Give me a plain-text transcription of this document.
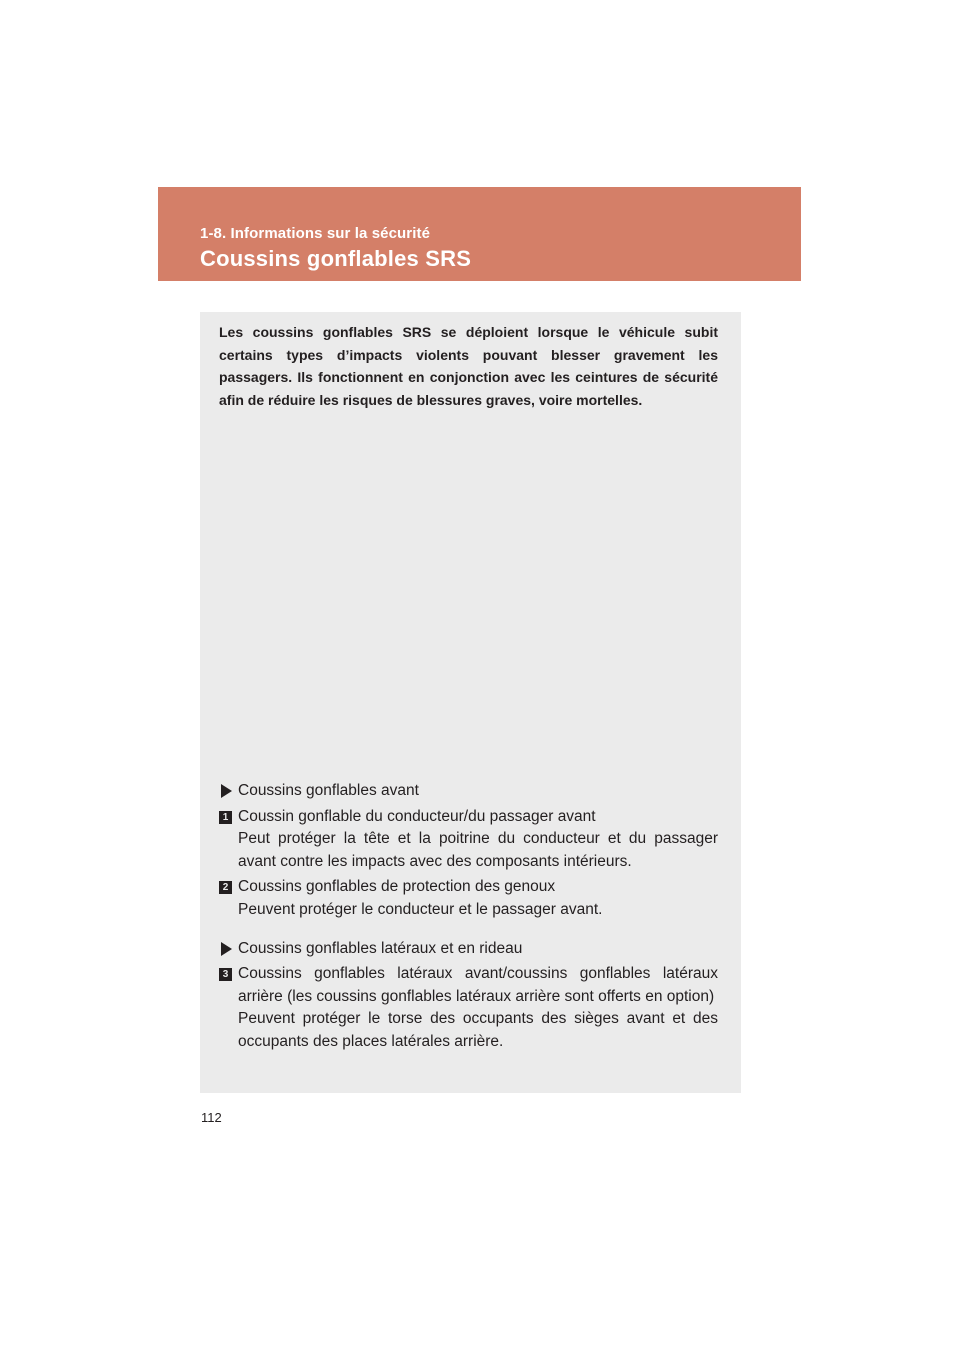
1-8. Informations sur la sécurité
Coussins gonflables SRS
Les coussins gonflables SRS se déploient lorsque le véhicule subit certains types d’impacts violents pouvant blesser gravement les passagers. Ils fonctionnent en conjonction avec les ceintures de sécurité afin de réduire les risques de blessures graves, voire mortelles.
Coussins gonflables avant
1 Coussin gonflable du conducteur/du passager avant
Peut protéger la tête et la poitrine du conducteur et du passager avant contre les impacts avec des composants intérieurs.
2 Coussins gonflables de protection des genoux
Peuvent protéger le conducteur et le passager avant.
Coussins gonflables latéraux et en rideau
3 Coussins gonflables latéraux avant/coussins gonflables latéraux arrière (les coussins gonflables latéraux arrière sont offerts en option)
Peuvent protéger le torse des occupants des sièges avant et des occupants des places latérales arrière.
112
